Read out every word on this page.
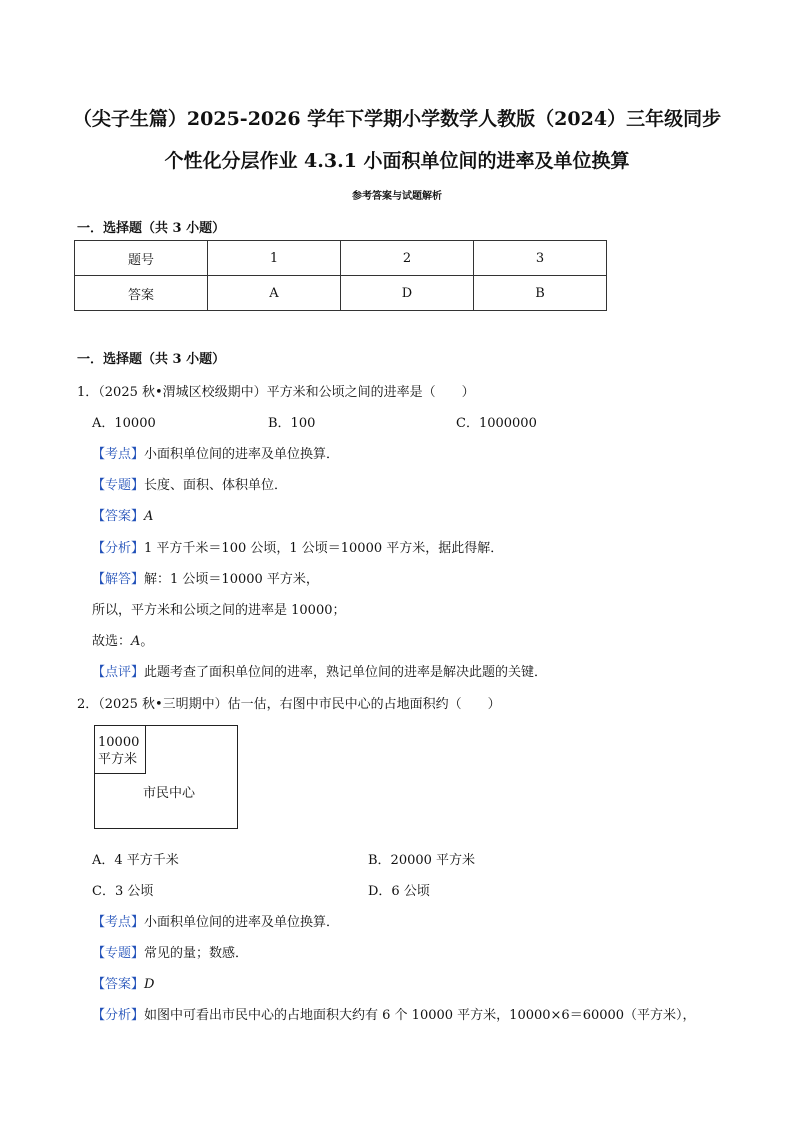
（尖子生篇）2025-2026 学年下学期小学数学人教版（2024）三年级同步
个性化分层作业 4.3.1 小面积单位间的进率及单位换算
参考答案与试题解析
一．选择题（共 3 小题）
题号	1	2	3
答案	A	D	B
一．选择题（共 3 小题）
1．（2025 秋•渭城区校级期中）平方米和公顷之间的进率是（　　）
A．10000	B．100	C．1000000
【考点】小面积单位间的进率及单位换算．
【专题】长度、面积、体积单位．
【答案】A
【分析】1 平方千米＝100 公顷，1 公顷＝10000 平方米，据此得解．
【解答】解：1 公顷＝10000 平方米，
所以，平方米和公顷之间的进率是 10000；
故选：A。
【点评】此题考查了面积单位间的进率，熟记单位间的进率是解决此题的关键．
2．（2025 秋•三明期中）估一估，右图中市民中心的占地面积约（　　）
10000
平方米
市民中心
A．4 平方千米	B．20000 平方米
C．3 公顷	D．6 公顷
【考点】小面积单位间的进率及单位换算．
【专题】常见的量；数感．
【答案】D
【分析】如图中可看出市民中心的占地面积大约有 6 个 10000 平方米，10000×6＝60000（平方米），
